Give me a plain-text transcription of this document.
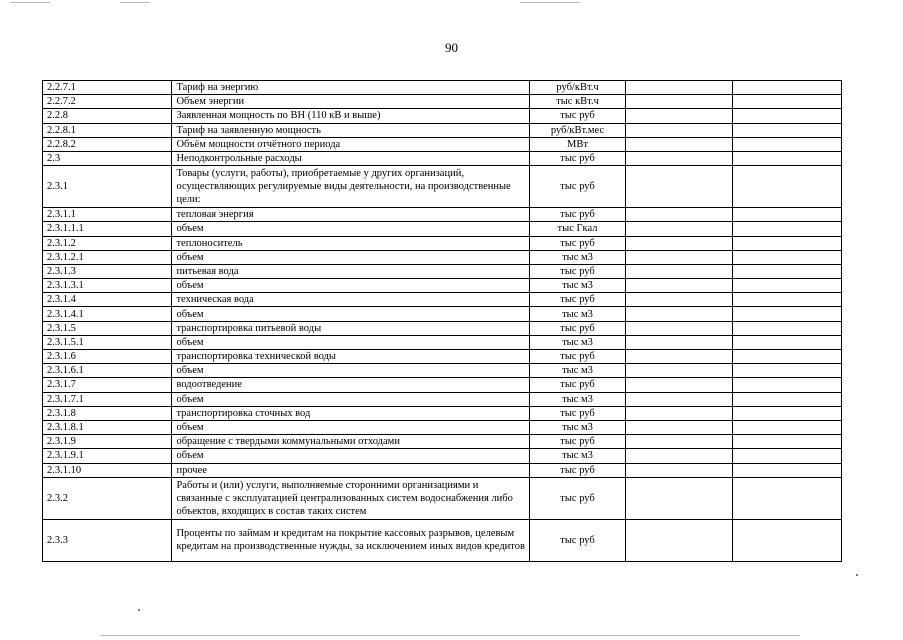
90
2.2.7.1	Тариф на энергию	руб/кВт.ч		
2.2.7.2	Объем энергии	тыс кВт.ч		
2.2.8	Заявленная мощность по ВН (110 кВ и выше)	тыс руб		
2.2.8.1	Тариф на заявленную мощность	руб/кВт.мес		
2.2.8.2	Объём мощности отчётного периода	МВт		
2.3	Неподконтрольные расходы	тыс руб		
2.3.1	Товары (услуги, работы), приобретаемые у других организаций, осуществляющих регулируемые виды деятельности, на производственные цели:	тыс руб		
2.3.1.1	тепловая энергия	тыс руб		
2.3.1.1.1	объем	тыс Гкал		
2.3.1.2	теплоноситель	тыс руб		
2.3.1.2.1	объем	тыс м3		
2.3.1.3	питьевая вода	тыс руб		
2.3.1.3.1	объем	тыс м3		
2.3.1.4	техническая вода	тыс руб		
2.3.1.4.1	объем	тыс м3		
2.3.1.5	транспортировка питьевой воды	тыс руб		
2.3.1.5.1	объем	тыс м3		
2.3.1.6	транспортировка технической воды	тыс руб		
2.3.1.6.1	объем	тыс м3		
2.3.1.7	водоотведение	тыс руб		
2.3.1.7.1	объем	тыс м3		
2.3.1.8	транспортировка сточных вод	тыс руб		
2.3.1.8.1	объем	тыс м3		
2.3.1.9	обращение с твердыми коммунальными отходами	тыс руб		
2.3.1.9.1	объем	тыс м3		
2.3.1.10	прочее	тыс руб		
2.3.2	Работы и (или) услуги, выполняемые сторонними организациями и связанные с эксплуатацией централизованных систем водоснабжения либо объектов, входящих в состав таких систем	тыс руб		
2.3.3	Проценты по займам и кредитам на покрытие кассовых разрывов, целевым кредитам на производственные нужды, за исключением иных видов кредитов	тыс руб		
